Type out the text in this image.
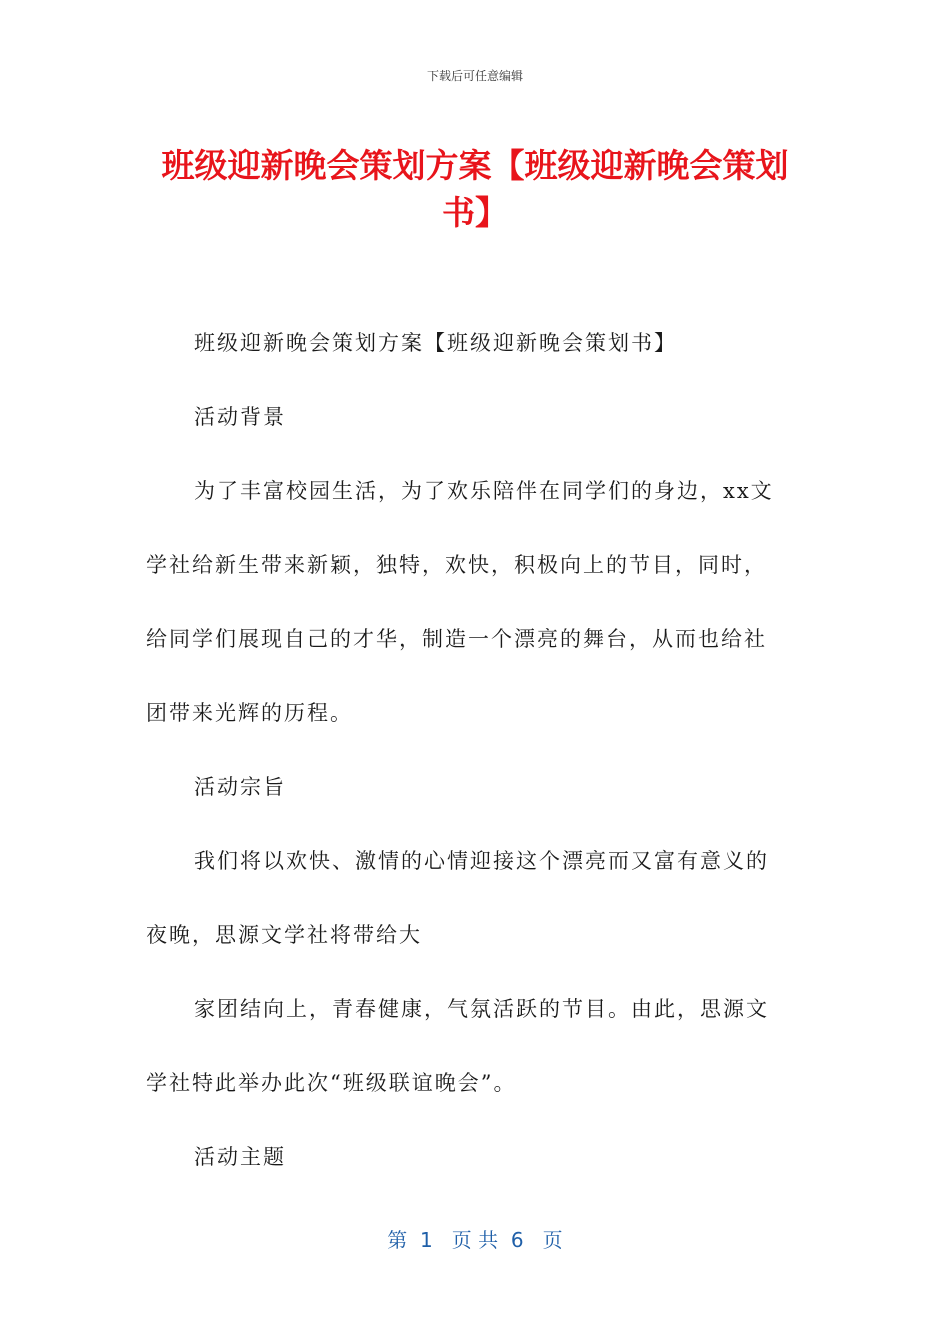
下载后可任意编辑
班级迎新晚会策划方案【班级迎新晚会策划书】
班级迎新晚会策划方案【班级迎新晚会策划书】
活动背景
为了丰富校园生活，为了欢乐陪伴在同学们的身边，xx文
学社给新生带来新颖，独特，欢快，积极向上的节目，同时，
给同学们展现自己的才华，制造一个漂亮的舞台，从而也给社
团带来光辉的历程。
活动宗旨
我们将以欢快、激情的心情迎接这个漂亮而又富有意义的
夜晚，思源文学社将带给大
家团结向上，青春健康，气氛活跃的节目。由此，思源文
学社特此举办此次“班级联谊晚会”。
活动主题
第  1   页 共  6   页
